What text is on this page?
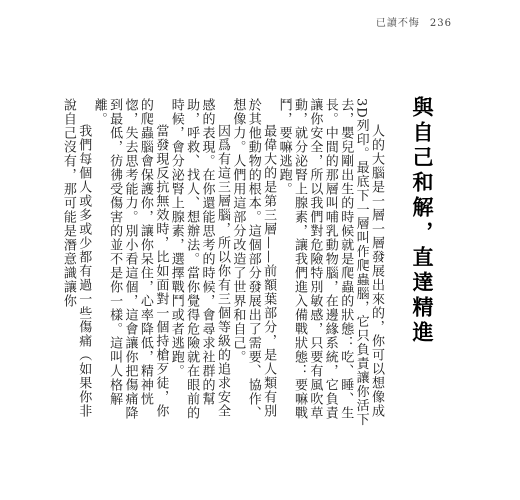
已讀不悔 236
與自己和解，直達精進

人的大腦是一層一層發展出來的，你可以想像成3D列印。最底下一層叫作爬蟲腦，它只負責讓你活下去，嬰兒剛出生的時候就是爬蟲的狀態：吃、睡、生長。中間的那層叫哺乳動物腦，在邊緣系統，它負責讓你安全，所以我們對危險特別敏感，只要有風吹草動，就分泌腎上腺素，讓我們進入備戰狀態：要嘛戰鬥，要嘛逃跑。

最偉大的是第三層——前額葉部分，是人類有別於其他動物的根本。這個部分發展出了需要、協作、想像力。人們用這部分改造了世界和自己。

因爲有這三層腦，所以你有三個等級的追求安全感的表現。在你還能思考的時候，會尋求社群的幫助，呼救、找人、想辦法。當你覺得危險就在眼前的時候，會分泌腎上腺素，選擇戰鬥或者逃跑。

當發現反抗無效時，比如面對一個持槍歹徒，你的爬蟲腦會保護你，讓你呆住，心率降低，精神恍惚，失去思考能力。別小看這個，這會讓你把傷痛降到最低，彷彿受傷害的並不是你一樣。這叫人格解離。

我們每個人或多或少都有過一些傷痛（如果你非說自己沒有，那可能是潛意識讓你
